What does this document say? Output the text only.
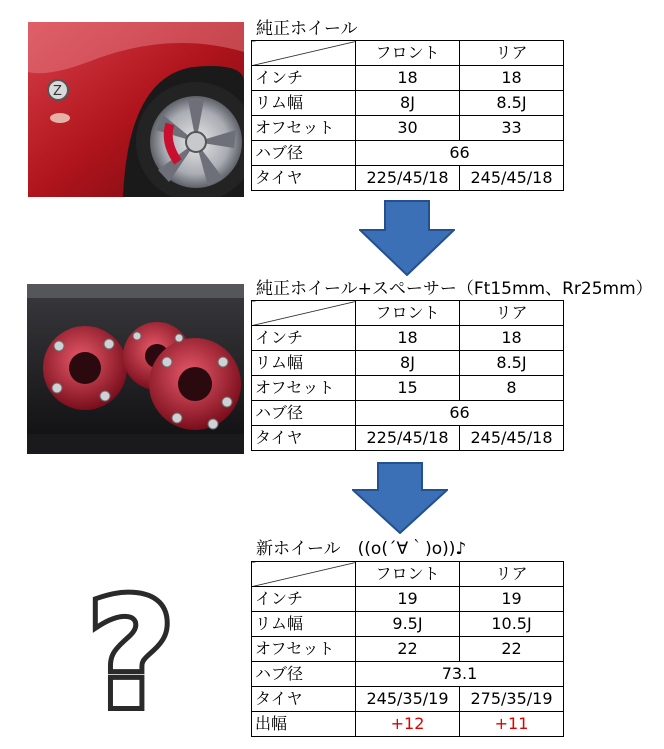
Z
純正ホイール
	フロント	リア
インチ	18	18
リム幅	8J	8.5J
オフセット	30	33
ハブ径	66	
タイヤ	225/45/18	245/45/18
純正ホイール+スペーサー（Ft15mm、Rr25mm）
	フロント	リア
インチ	18	18
リム幅	8J	8.5J
オフセット	15	8
ハブ径	66	
タイヤ	225/45/18	245/45/18
新ホイール　((o(´∀｀)o))♪
	フロント	リア
インチ	19	19
リム幅	9.5J	10.5J
オフセット	22	22
ハブ径	73.1	
タイヤ	245/35/19	275/35/19
出幅	+12	+11
?
